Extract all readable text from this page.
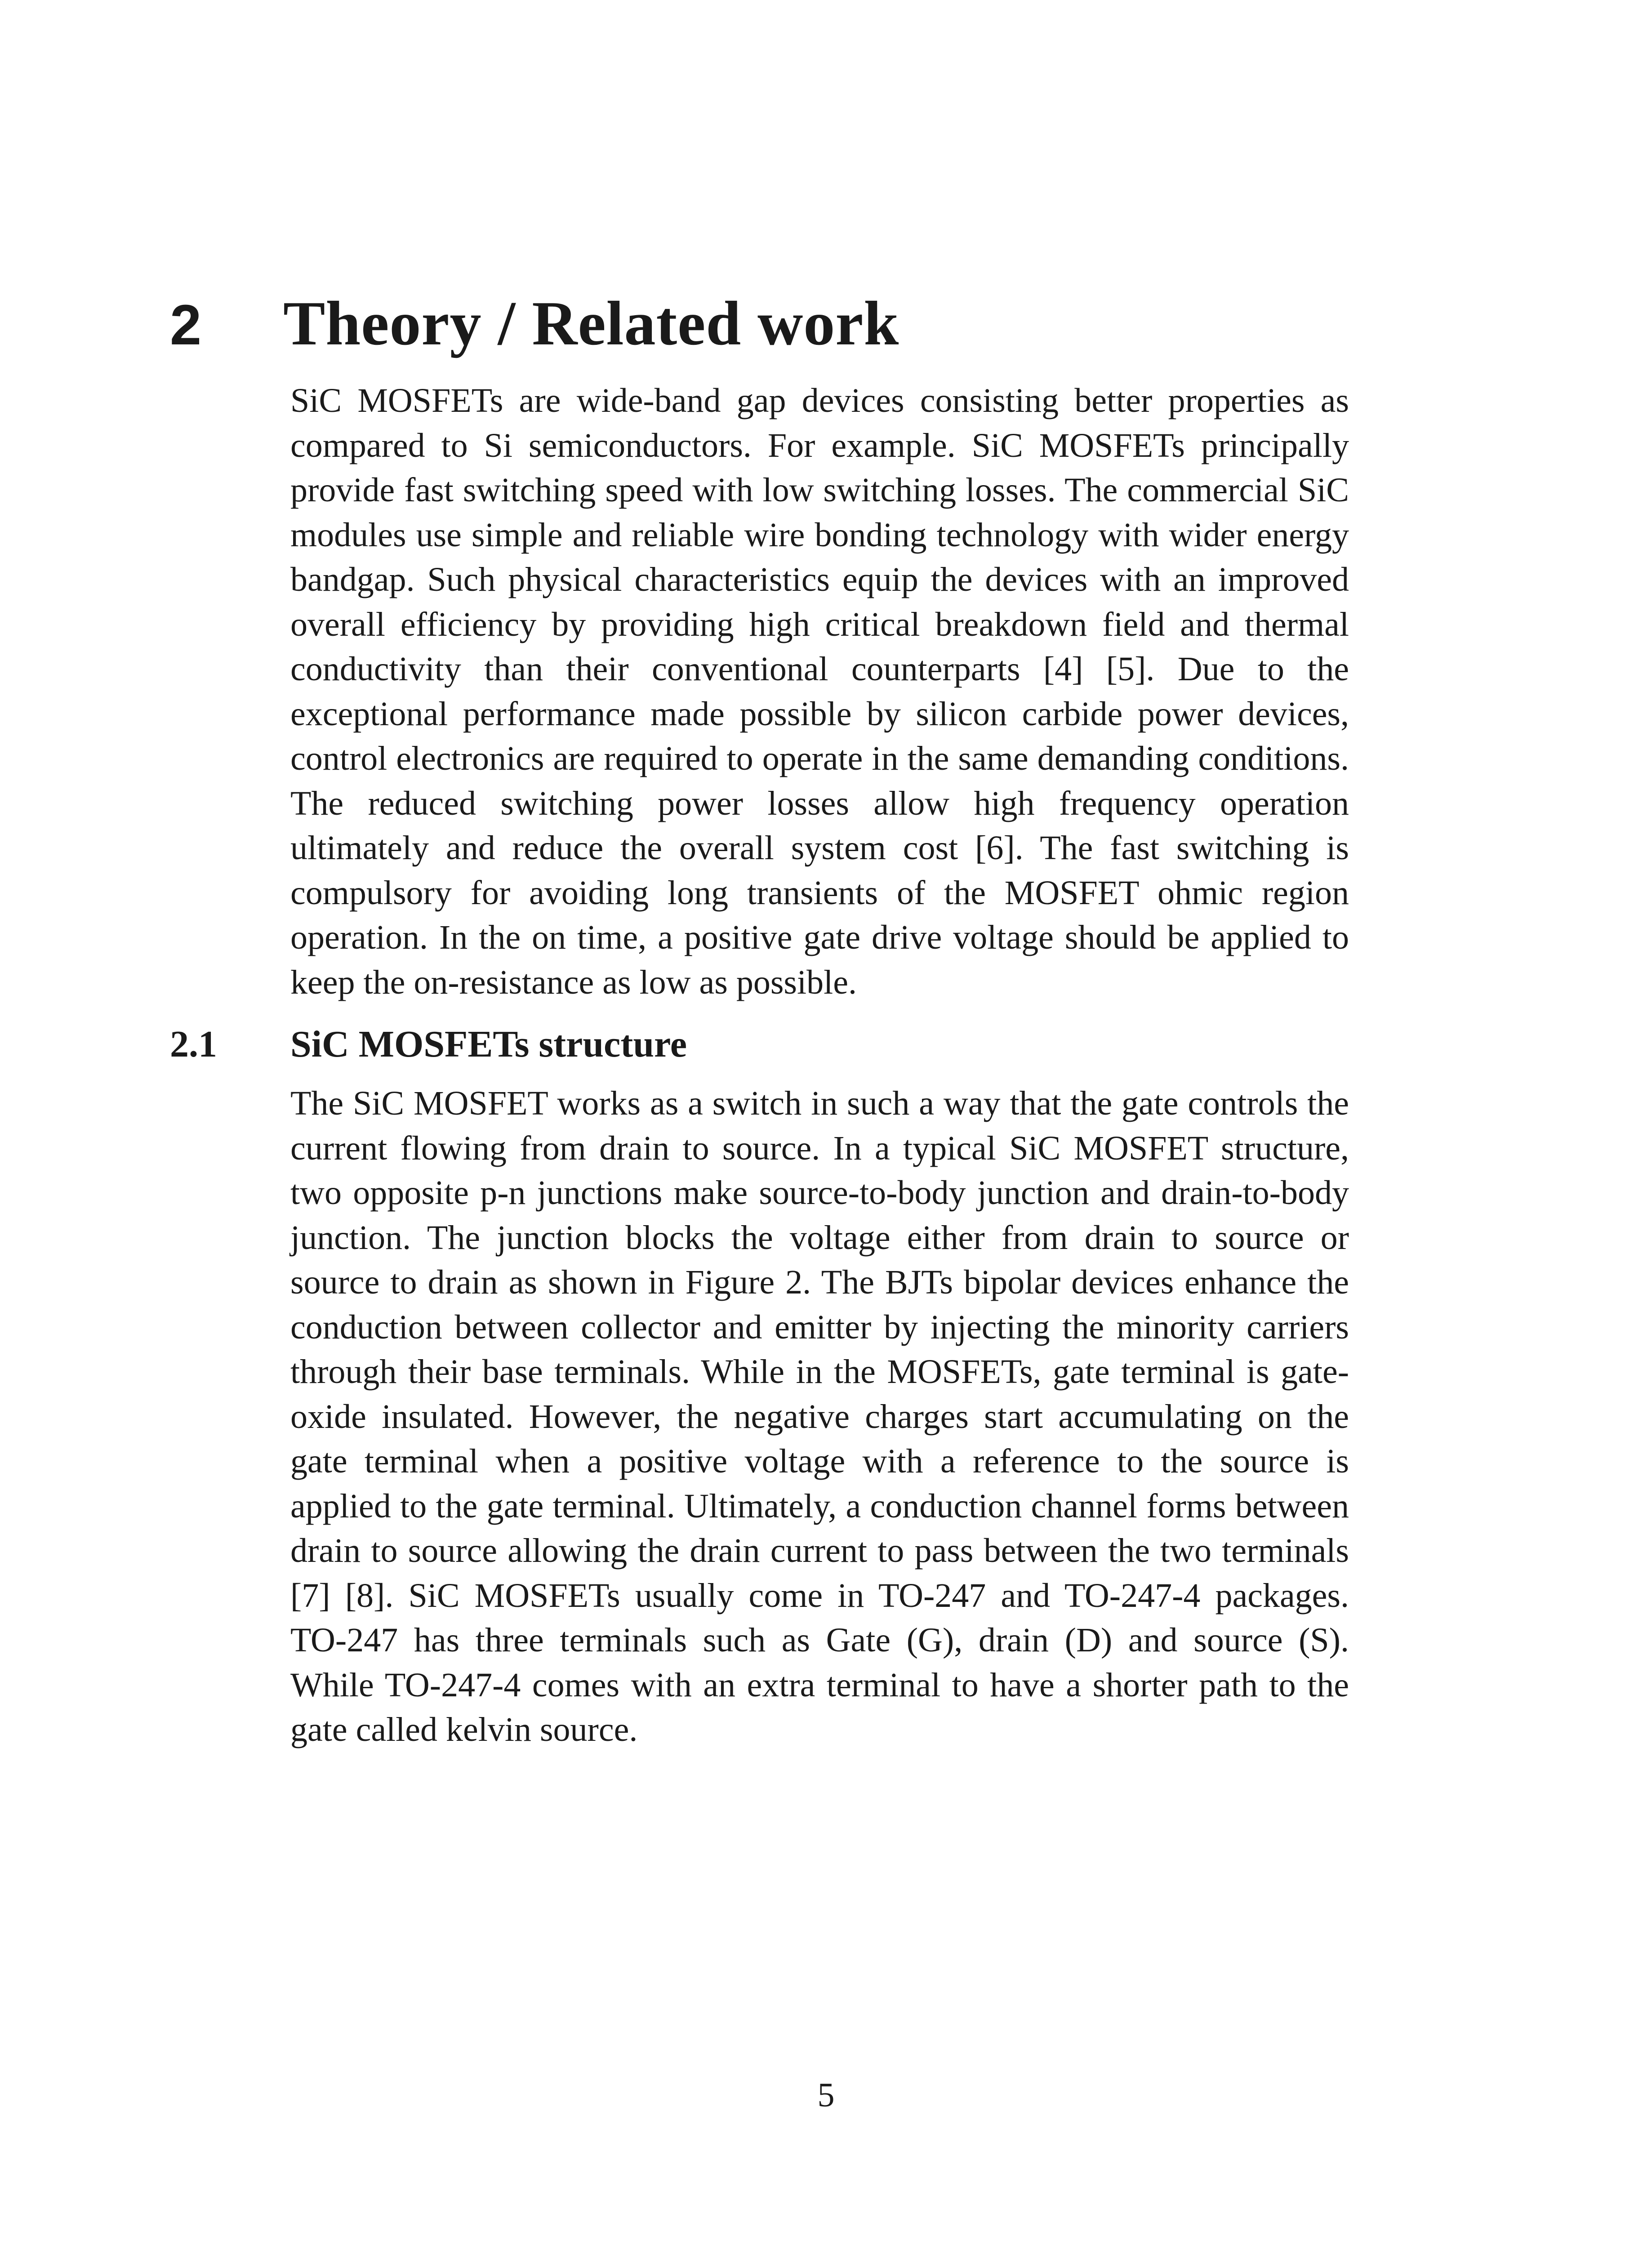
2 Theory / Related work

SiC MOSFETs are wide-band gap devices consisting better properties as compared to Si semiconductors. For example. SiC MOSFETs principally provide fast switching speed with low switching losses. The commercial SiC modules use simple and reliable wire bonding technology with wider energy bandgap. Such physical characteristics equip the devices with an improved overall efficiency by providing high critical breakdown field and thermal conductivity than their conventional counterparts [4] [5]. Due to the exceptional performance made possible by silicon carbide power devices, control electronics are required to operate in the same demanding conditions. The reduced switching power losses allow high frequency operation ultimately and reduce the overall system cost [6]. The fast switching is compulsory for avoiding long transients of the MOSFET ohmic region operation. In the on time, a positive gate drive voltage should be applied to keep the on-resistance as low as possible.

2.1 SiC MOSFETs structure

The SiC MOSFET works as a switch in such a way that the gate controls the current flowing from drain to source. In a typical SiC MOSFET structure, two opposite p-n junctions make source-to-body junction and drain-to-body junction. The junction blocks the voltage either from drain to source or source to drain as shown in Figure 2. The BJTs bipolar devices enhance the conduction between collector and emitter by injecting the minority carriers through their base terminals. While in the MOSFETs, gate terminal is gate-oxide insulated. However, the negative charges start accumulating on the gate terminal when a positive voltage with a reference to the source is applied to the gate terminal. Ultimately, a conduction channel forms between drain to source allowing the drain current to pass between the two terminals [7] [8]. SiC MOSFETs usually come in TO-247 and TO-247-4 packages. TO-247 has three terminals such as Gate (G), drain (D) and source (S). While TO-247-4 comes with an extra terminal to have a shorter path to the gate called kelvin source.

5
